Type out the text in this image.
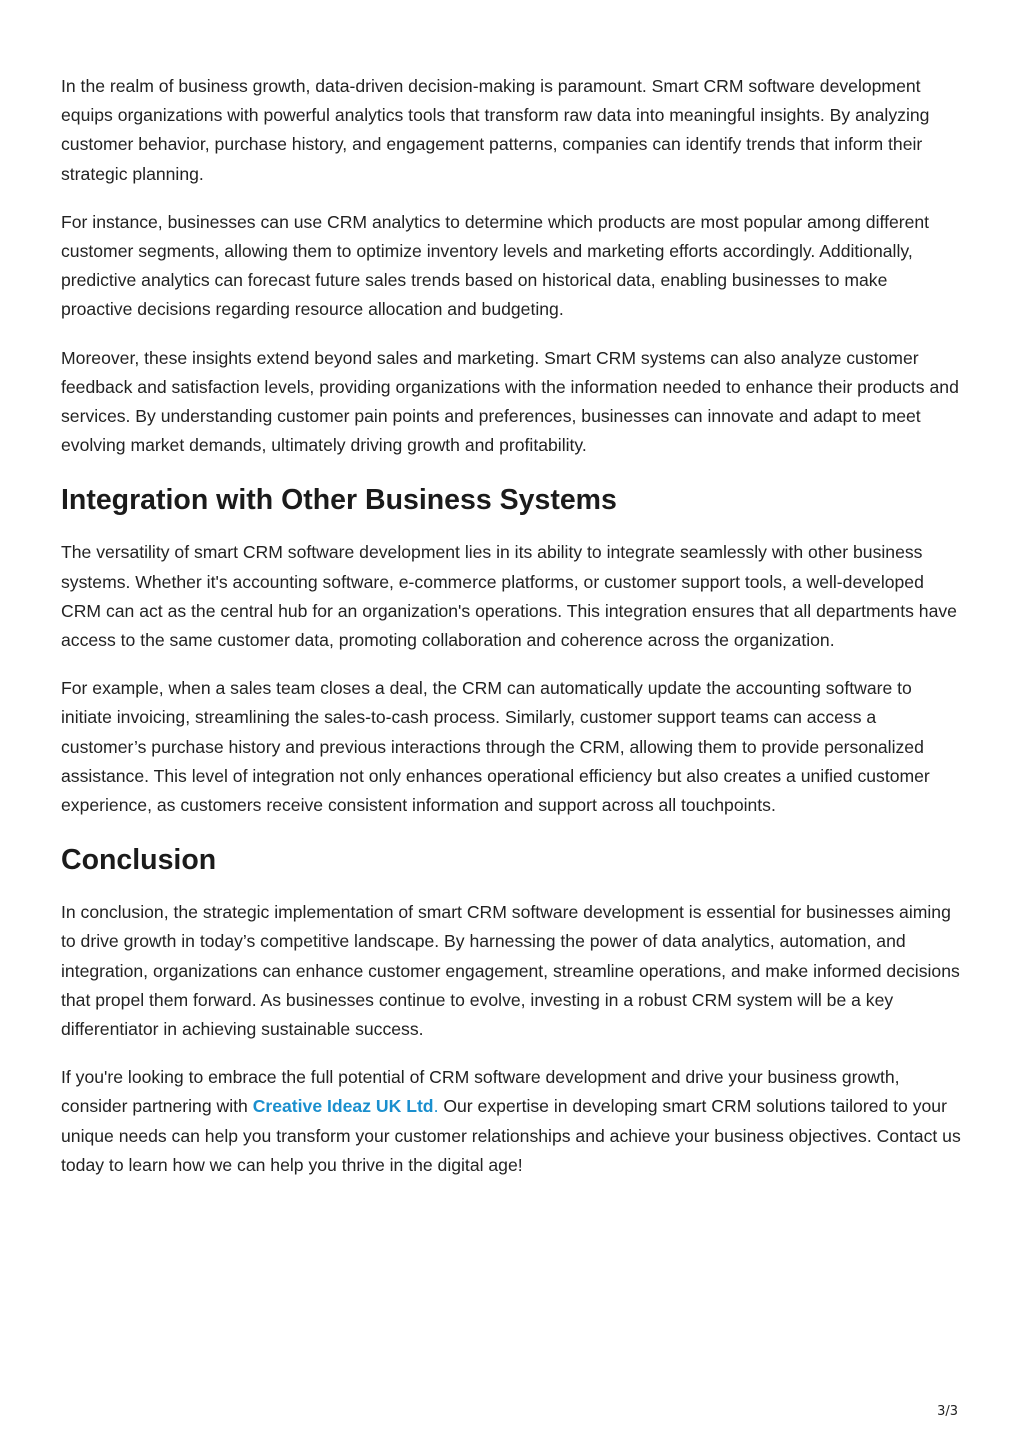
In the realm of business growth, data-driven decision-making is paramount. Smart CRM software development equips organizations with powerful analytics tools that transform raw data into meaningful insights. By analyzing customer behavior, purchase history, and engagement patterns, companies can identify trends that inform their strategic planning.

For instance, businesses can use CRM analytics to determine which products are most popular among different customer segments, allowing them to optimize inventory levels and marketing efforts accordingly. Additionally, predictive analytics can forecast future sales trends based on historical data, enabling businesses to make proactive decisions regarding resource allocation and budgeting.

Moreover, these insights extend beyond sales and marketing. Smart CRM systems can also analyze customer feedback and satisfaction levels, providing organizations with the information needed to enhance their products and services. By understanding customer pain points and preferences, businesses can innovate and adapt to meet evolving market demands, ultimately driving growth and profitability.

Integration with Other Business Systems

The versatility of smart CRM software development lies in its ability to integrate seamlessly with other business systems. Whether it's accounting software, e-commerce platforms, or customer support tools, a well-developed CRM can act as the central hub for an organization's operations. This integration ensures that all departments have access to the same customer data, promoting collaboration and coherence across the organization.

For example, when a sales team closes a deal, the CRM can automatically update the accounting software to initiate invoicing, streamlining the sales-to-cash process. Similarly, customer support teams can access a customer’s purchase history and previous interactions through the CRM, allowing them to provide personalized assistance. This level of integration not only enhances operational efficiency but also creates a unified customer experience, as customers receive consistent information and support across all touchpoints.

Conclusion

In conclusion, the strategic implementation of smart CRM software development is essential for businesses aiming to drive growth in today’s competitive landscape. By harnessing the power of data analytics, automation, and integration, organizations can enhance customer engagement, streamline operations, and make informed decisions that propel them forward. As businesses continue to evolve, investing in a robust CRM system will be a key differentiator in achieving sustainable success.

If you're looking to embrace the full potential of CRM software development and drive your business growth, consider partnering with Creative Ideaz UK Ltd. Our expertise in developing smart CRM solutions tailored to your unique needs can help you transform your customer relationships and achieve your business objectives. Contact us today to learn how we can help you thrive in the digital age!

3/3
